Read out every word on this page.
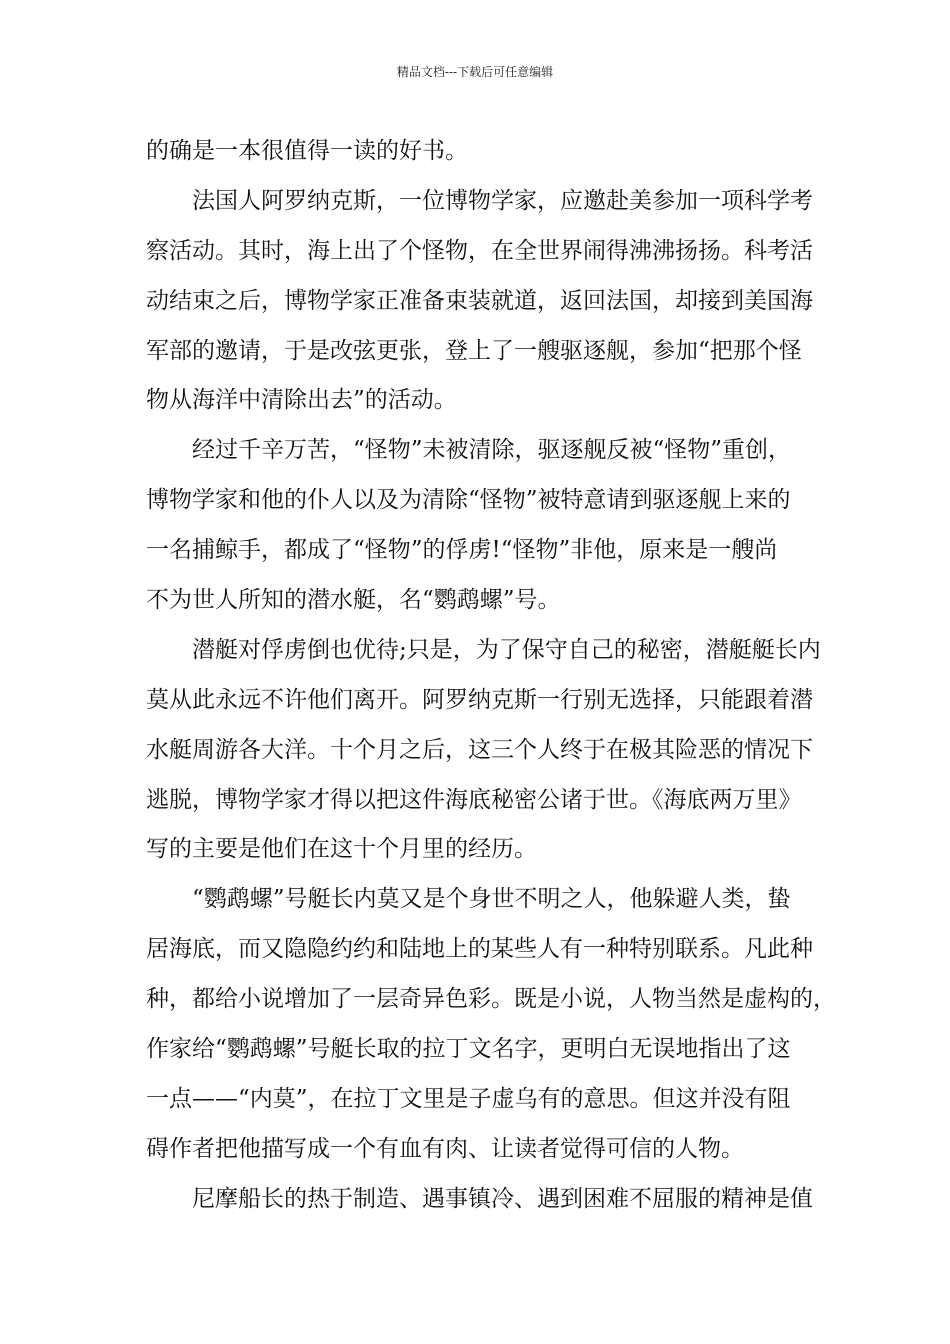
精品文档---下载后可任意编辑
的确是一本很值得一读的好书。
法国人阿罗纳克斯，一位博物学家，应邀赴美参加一项科学考
察活动。其时，海上出了个怪物，在全世界闹得沸沸扬扬。科考活
动结束之后，博物学家正准备束装就道，返回法国，却接到美国海
军部的邀请，于是改弦更张，登上了一艘驱逐舰，参加“把那个怪
物从海洋中清除出去”的活动。
经过千辛万苦，“怪物”未被清除，驱逐舰反被“怪物”重创，
博物学家和他的仆人以及为清除“怪物”被特意请到驱逐舰上来的
一名捕鲸手，都成了“怪物”的俘虏!“怪物”非他，原来是一艘尚
不为世人所知的潜水艇，名“鹦鹉螺”号。
潜艇对俘虏倒也优待;只是，为了保守自己的秘密，潜艇艇长内
莫从此永远不许他们离开。阿罗纳克斯一行别无选择，只能跟着潜
水艇周游各大洋。十个月之后，这三个人终于在极其险恶的情况下
逃脱，博物学家才得以把这件海底秘密公诸于世。《海底两万里》
写的主要是他们在这十个月里的经历。
“鹦鹉螺”号艇长内莫又是个身世不明之人，他躲避人类，蛰
居海底，而又隐隐约约和陆地上的某些人有一种特别联系。凡此种
种，都给小说增加了一层奇异色彩。既是小说，人物当然是虚构的，
作家给“鹦鹉螺”号艇长取的拉丁文名字，更明白无误地指出了这
一点——“内莫”，在拉丁文里是子虚乌有的意思。但这并没有阻
碍作者把他描写成一个有血有肉、让读者觉得可信的人物。
尼摩船长的热于制造、遇事镇冷、遇到困难不屈服的精神是值
